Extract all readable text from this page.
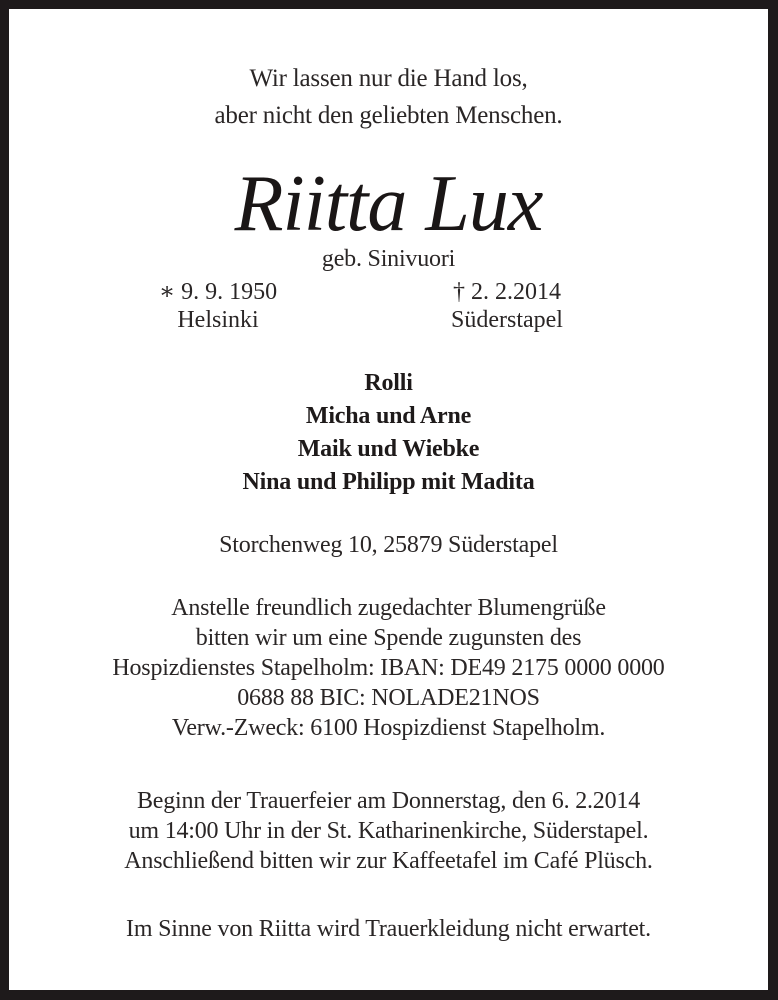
Wir lassen nur die Hand los,
aber nicht den geliebten Menschen.
Riitta Lux
geb. Sinivuori
∗ 9. 9. 1950
Helsinki
† 2. 2.2014
Süderstapel
Rolli
Micha und Arne
Maik und Wiebke
Nina und Philipp mit Madita
Storchenweg 10, 25879 Süderstapel
Anstelle freundlich zugedachter Blumengrüße
bitten wir um eine Spende zugunsten des
Hospizdienstes Stapelholm: IBAN: DE49 2175 0000 0000
0688 88 BIC: NOLADE21NOS
Verw.-Zweck: 6100 Hospizdienst Stapelholm.
Beginn der Trauerfeier am Donnerstag, den 6. 2.2014
um 14:00 Uhr in der St. Katharinenkirche, Süderstapel.
Anschließend bitten wir zur Kaffeetafel im Café Plüsch.
Im Sinne von Riitta wird Trauerkleidung nicht erwartet.
